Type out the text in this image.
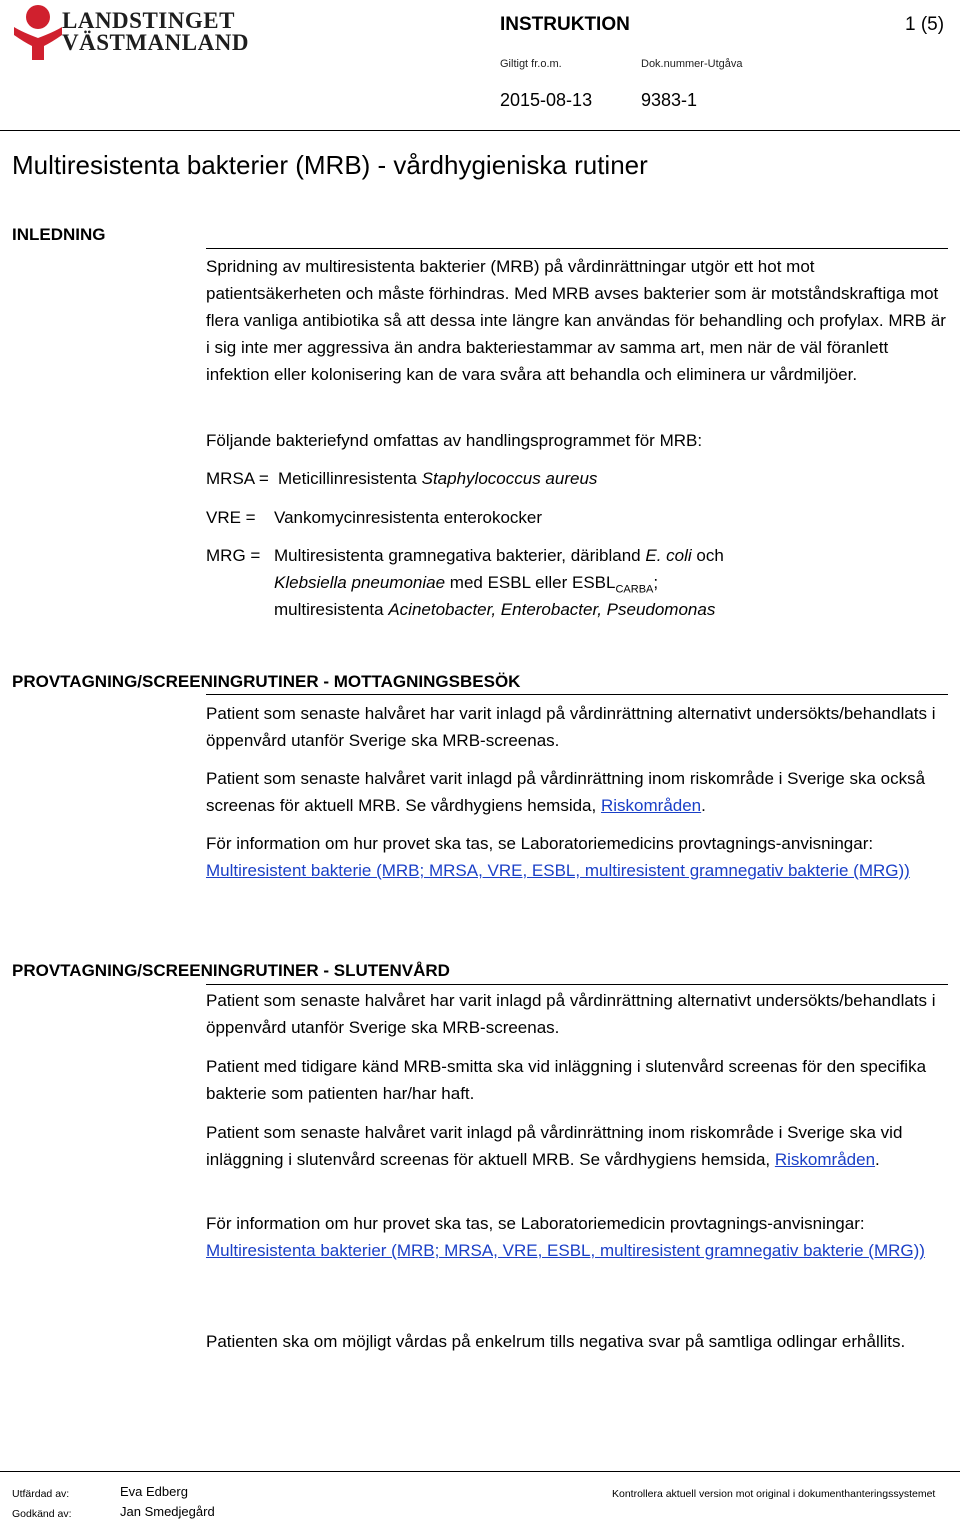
LANDSTINGET
VÄSTMANLAND
INSTRUKTION	1 (5)
Giltigt fr.o.m.	Dok.nummer-Utgåva
2015-08-13	9383-1
Multiresistenta bakterier (MRB) - vårdhygieniska rutiner
INLEDNING

Spridning av multiresistenta bakterier (MRB) på vårdinrättningar utgör ett hot mot patientsäkerheten och måste förhindras. Med MRB avses bakterier som är motståndskraftiga mot flera vanliga antibiotika så att dessa inte längre kan användas för behandling och profylax. MRB är i sig inte mer aggressiva än andra bakteriestammar av samma art, men när de väl föranlett infektion eller kolonisering kan de vara svåra att behandla och eliminera ur vårdmiljöer.

Följande bakteriefynd omfattas av handlingsprogrammet för MRB:

MRSA = Meticillinresistenta Staphylococcus aureus
VRE = Vankomycinresistenta enterokocker
MRG = Multiresistenta gramnegativa bakterier, däribland E. coli och
Klebsiella pneumoniae med ESBL eller $ESBL_{CARBA}$;
multiresistenta Acinetobacter, Enterobacter, Pseudomonas
PROVTAGNING/SCREENINGRUTINER - MOTTAGNINGSBESÖK

Patient som senaste halvåret har varit inlagd på vårdinrättning alternativt undersökts/behandlats i öppenvård utanför Sverige ska MRB-screenas.

Patient som senaste halvåret varit inlagd på vårdinrättning inom riskområde i Sverige ska också screenas för aktuell MRB. Se vårdhygiens hemsida, Riskområden.

För information om hur provet ska tas, se Laboratoriemedicins provtagnings-anvisningar: Multiresistent bakterie (MRB; MRSA, VRE, ESBL, multiresistent gramnegativ bakterie (MRG))

PROVTAGNING/SCREENINGRUTINER - SLUTENVÅRD

Patient som senaste halvåret har varit inlagd på vårdinrättning alternativt undersökts/behandlats i öppenvård utanför Sverige ska MRB-screenas.

Patient med tidigare känd MRB-smitta ska vid inläggning i slutenvård screenas för den specifika bakterie som patienten har/har haft.

Patient som senaste halvåret varit inlagd på vårdinrättning inom riskområde i Sverige ska vid inläggning i slutenvård screenas för aktuell MRB. Se vårdhygiens hemsida, Riskområden.

För information om hur provet ska tas, se Laboratoriemedicin provtagnings-anvisningar: Multiresistenta bakterier (MRB; MRSA, VRE, ESBL, multiresistent gramnegativ bakterie (MRG))

Patienten ska om möjligt vårdas på enkelrum tills negativa svar på samtliga odlingar erhållits.

Utfärdad av:	Eva Edberg
Godkänd av:	Jan Smedjegård
Kontrollera aktuell version mot original i dokumenthanteringssystemet
